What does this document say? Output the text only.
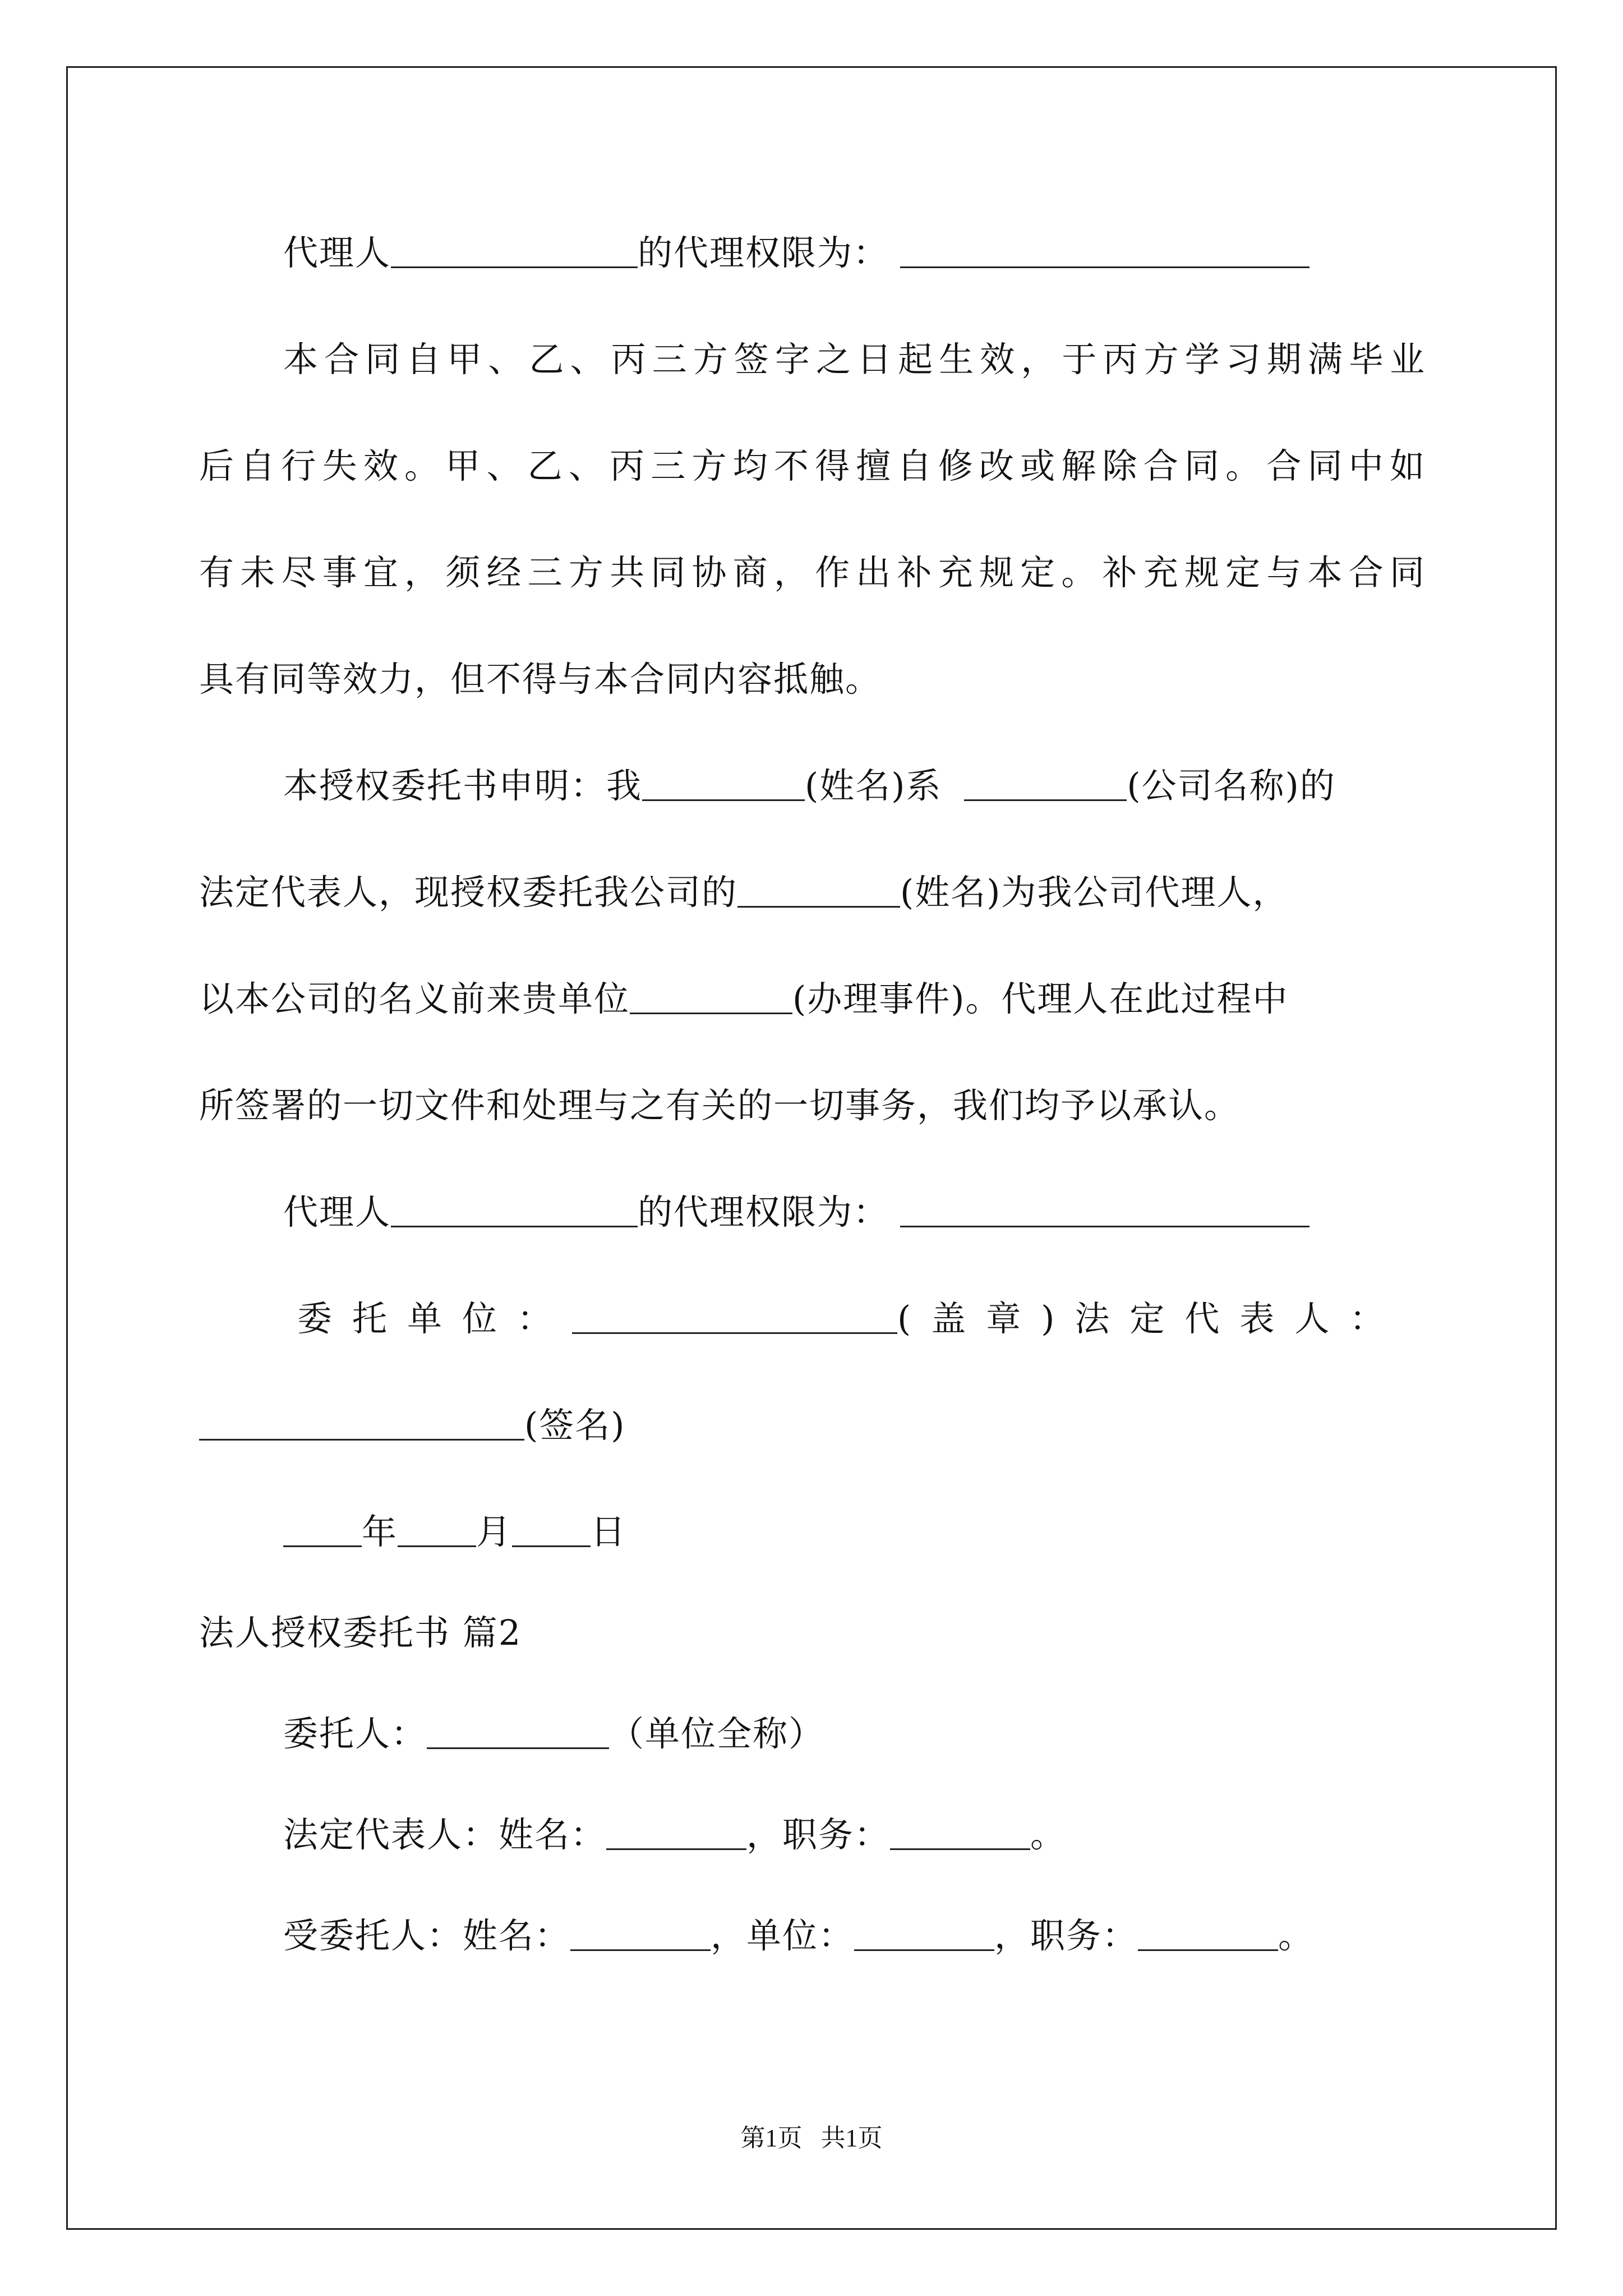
代理人	的代理权限为：
本合同自甲、乙、丙三方签字之日起生效，于丙方学习期满毕业
后自行失效。甲、乙、丙三方均不得擅自修改或解除合同。合同中如
有未尽事宜，须经三方共同协商，作出补充规定。补充规定与本合同
具有同等效力，但不得与本合同内容抵触。
本授权委托书申明：我	(姓名)系	(公司名称)的
法定代表人，现授权委托我公司的	(姓名)为我公司代理人，
以本公司的名义前来贵单位	(办理事件)。代理人在此过程中
所签署的一切文件和处理与之有关的一切事务，我们均予以承认。
代理人	的代理权限为：
委托单位：	(盖章)法定代表人：
(签名)
年 月 日
法人授权委托书 篇2
委托人：	（单位全称）
法定代表人：姓名：	，职务：	。
受委托人：姓名：	，单位：	，职务：	。
第1页   共1页
